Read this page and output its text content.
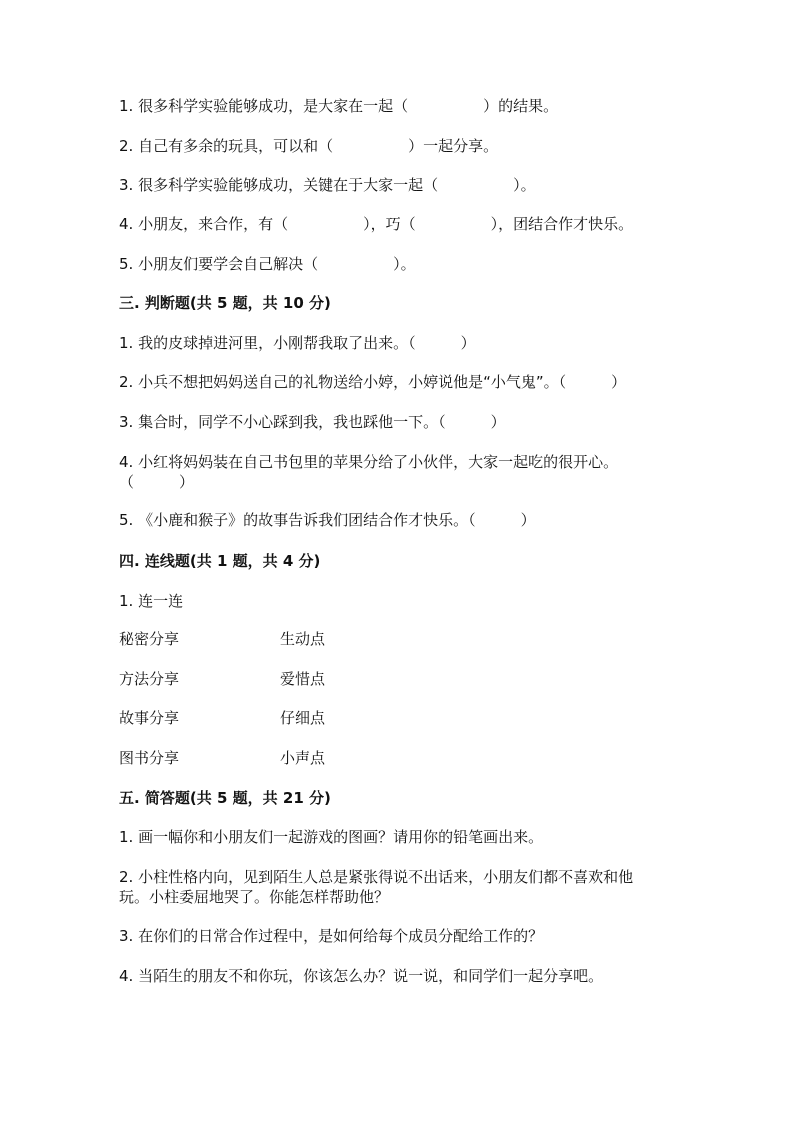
1. 很多科学实验能够成功，是大家在一起（　　　　　）的结果。
2. 自己有多余的玩具，可以和（　　　　　）一起分享。
3. 很多科学实验能够成功，关键在于大家一起（　　　　　）。
4. 小朋友，来合作，有（　　　　　），巧（　　　　　），团结合作才快乐。
5. 小朋友们要学会自己解决（　　　　　）。
三. 判断题(共 5 题，共 10 分)
1. 我的皮球掉进河里，小刚帮我取了出来。（　　　）
2. 小兵不想把妈妈送自己的礼物送给小婷，小婷说他是“小气鬼”。（　　　）
3. 集合时，同学不小心踩到我，我也踩他一下。（　　　）
4. 小红将妈妈装在自己书包里的苹果分给了小伙伴，大家一起吃的很开心。
（　　　）
5. 《小鹿和猴子》的故事告诉我们团结合作才快乐。（　　　）
四. 连线题(共 1 题，共 4 分)
1. 连一连
秘密分享	生动点
方法分享	爱惜点
故事分享	仔细点
图书分享	小声点
五. 简答题(共 5 题，共 21 分)
1. 画一幅你和小朋友们一起游戏的图画？请用你的铅笔画出来。
2. 小柱性格内向，见到陌生人总是紧张得说不出话来，小朋友们都不喜欢和他
玩。小柱委屈地哭了。你能怎样帮助他？
3. 在你们的日常合作过程中，是如何给每个成员分配给工作的？
4. 当陌生的朋友不和你玩，你该怎么办？说一说，和同学们一起分享吧。
